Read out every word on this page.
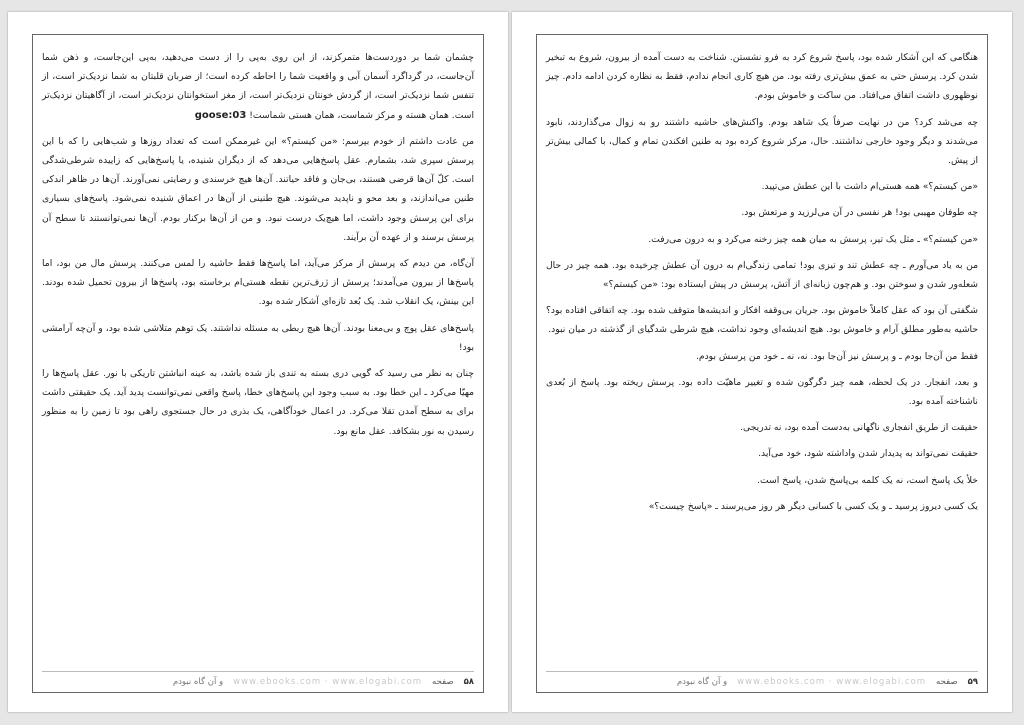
چشمان شما بر دوردست‌ها متمرکزند، از این روی به‌پی را از دست می‌دهید، به‌پی این‌جاست، و ذهن شما آن‌جاست، در گرداگرد آسمان آبی و واقعیت شما را احاطه کرده است؛ از ضربان قلبتان به شما نزدیک‌تر است، از تنفس شما نزدیک‌تر است، از گردش خونتان نزدیک‌تر است، از مغز استخوانتان نزدیک‌تر است، از آگاهیتان نزدیک‌تر است. همان هسته و مرکز شماست، همان هستی شماست! goose:03

من عادت داشتم از خودم بپرسم: «من کیستم؟» این غیرممکن است که تعداد روزها و شب‌هایی را که با این پرسش سپری شد، بشمارم. عقل پاسخ‌هایی می‌دهد که از دیگران شنیده، یا پاسخ‌هایی که زاییده شرطی‌شدگی است. کلّ آن‌ها قرضی هستند، بی‌جان و فاقد حیاتند. آن‌ها هیچ خرسندی و رضایتی نمی‌آورند. آن‌ها در ظاهر اندکی طنین می‌اندازند، و بعد محو و ناپدید می‌شوند. هیچ طنینی از آن‌ها در اعماق شنیده نمی‌شود. پاسخ‌های بسیاری برای این پرسش وجود داشت، اما هیچ‌یک درست نبود. و من از آن‌ها برکنار بودم. آن‌ها نمی‌توانستند تا سطح آن پرسش برسند و از عهده آن برآیند.

آن‌گاه، من دیدم که پرسش از مرکز می‌آید، اما پاسخ‌ها فقط حاشیه را لمس می‌کنند. پرسش مال من بود، اما پاسخ‌ها از بیرون می‌آمدند؛ پرسش از ژرف‌ترین نقطه هستی‌ام برخاسته بود، پاسخ‌ها از بیرون تحمیل شده بودند. این بینش، یک انقلاب شد. یک بُعد تازه‌ای آشکار شده بود.

پاسخ‌های عقل پوچ و بی‌معنا بودند. آن‌ها هیچ ربطی به مسئله نداشتند. یک توهم متلاشی شده بود، و آن‌چه آرامشی بود!

چنان به نظر می رسید که گویی دری بسته به تندی باز شده باشد، به عینه انباشتن تاریکی با نور. عقل پاسخ‌ها را مهیّا می‌کرد ـ این خطا بود. به سبب وجود این پاسخ‌های خطا، پاسخ واقعی نمی‌توانست پدید آید. یک حقیقتی داشت برای به سطح آمدن تقلا می‌کرد. در اعمال خودآگاهی، یک بذری در حال جستجوی راهی بود تا زمین را به منظور رسیدن به نور بشکافد. عقل مانع بود.

۵۸
صفحه
www.ebooks.com · www.elogabi.com
و آن گاه نبودم

هنگامی که این آشکار شده بود، پاسخ شروع کرد به فرو نشستن. شناخت به دست آمده از بیرون، شروع به تبخیر شدن کرد. پرسش حتی به عمق بیش‌تری رفته بود. من هیچ کاری انجام ندادم، فقط به نظاره کردن ادامه دادم. چیز نوظهوری داشت اتفاق می‌افتاد. من ساکت و خاموش بودم.

چه می‌شد کرد؟ من در نهایت صرفاً یک شاهد بودم. واکنش‌های حاشیه داشتند رو به زوال می‌گذاردند، نابود می‌شدند و دیگر وجود خارجی نداشتند. حال، مرکز شروع کرده بود به طنین افکندن تمام و کمال، با کمالی بیش‌تر از پیش.

«من کیستم؟» همه هستی‌ام داشت با این عطش می‌تپید.

چه طوفان مهیبی بود! هر نفسی در آن می‌لرزید و مرتعش بود.

«من کیستم؟» ـ مثل یک تیر، پرسش به میان همه چیز رخنه می‌کرد و به درون می‌رفت.

من به یاد می‌آورم ـ چه عطش تند و تیزی بود! تمامی زندگی‌ام به درون آن عطش چرخیده بود. همه چیز در حال شعله‌ور شدن و سوختن بود. و هم‌چون زبانه‌ای از آتش، پرسش در پیش ایستاده بود: «من کیستم؟»

شگفتی آن بود که عقل کاملاً خاموش بود. جریان بی‌وقفه افکار و اندیشه‌ها متوقف شده بود. چه اتفاقی افتاده بود؟ حاشیه به‌طور مطلق آرام و خاموش بود. هیچ اندیشه‌ای وجود نداشت، هیچ شرطی شدگیای از گذشته در میان نبود.

فقط من آن‌جا بودم ـ و پرسش نیز آن‌جا بود. نه، نه ـ خود من پرسش بودم.

و بعد، انفجار. در یک لحظه، همه چیز دگرگون شده و تغییر ماهیّت داده بود. پرسش ریخته بود. پاسخ از بُعدی ناشناخته آمده بود.

حقیقت از طریق انفجاری ناگهانی به‌دست آمده بود، نه تدریجی.

حقیقت نمی‌تواند به پدیدار شدن واداشته شود، خود می‌آید.

خلأ یک پاسخ است، نه یک کلمه بی‌پاسخ شدن، پاسخ است.

یک کسی دیروز پرسید ـ و یک کسی با کسانی دیگر هر روز می‌پرسند ـ «پاسخ چیست؟»

۵۹
صفحه
www.ebooks.com · www.elogabi.com
و آن گاه نبودم
